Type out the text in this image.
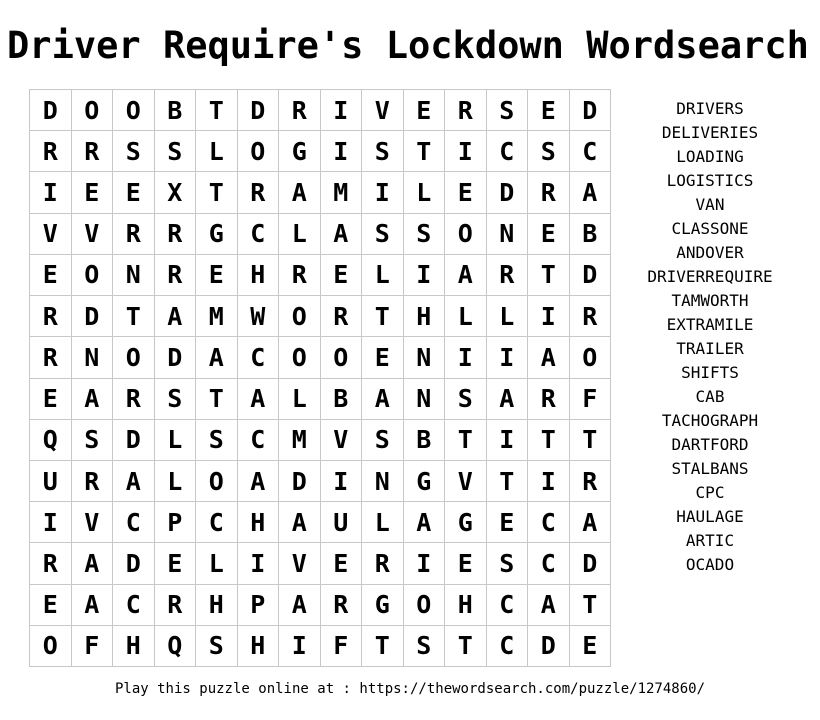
Driver Require's Lockdown Wordsearch
D	O	O	B	T	D	R	I	V	E	R	S	E	D
R	R	S	S	L	O	G	I	S	T	I	C	S	C
I	E	E	X	T	R	A	M	I	L	E	D	R	A
V	V	R	R	G	C	L	A	S	S	O	N	E	B
E	O	N	R	E	H	R	E	L	I	A	R	T	D
R	D	T	A	M	W	O	R	T	H	L	L	I	R
R	N	O	D	A	C	O	O	E	N	I	I	A	O
E	A	R	S	T	A	L	B	A	N	S	A	R	F
Q	S	D	L	S	C	M	V	S	B	T	I	T	T
U	R	A	L	O	A	D	I	N	G	V	T	I	R
I	V	C	P	C	H	A	U	L	A	G	E	C	A
R	A	D	E	L	I	V	E	R	I	E	S	C	D
E	A	C	R	H	P	A	R	G	O	H	C	A	T
O	F	H	Q	S	H	I	F	T	S	T	C	D	E
DRIVERS
DELIVERIES
LOADING
LOGISTICS
VAN
CLASSONE
ANDOVER
DRIVERREQUIRE
TAMWORTH
EXTRAMILE
TRAILER
SHIFTS
CAB
TACHOGRAPH
DARTFORD
STALBANS
CPC
HAULAGE
ARTIC
OCADO
Play this puzzle online at : https://thewordsearch.com/puzzle/1274860/
